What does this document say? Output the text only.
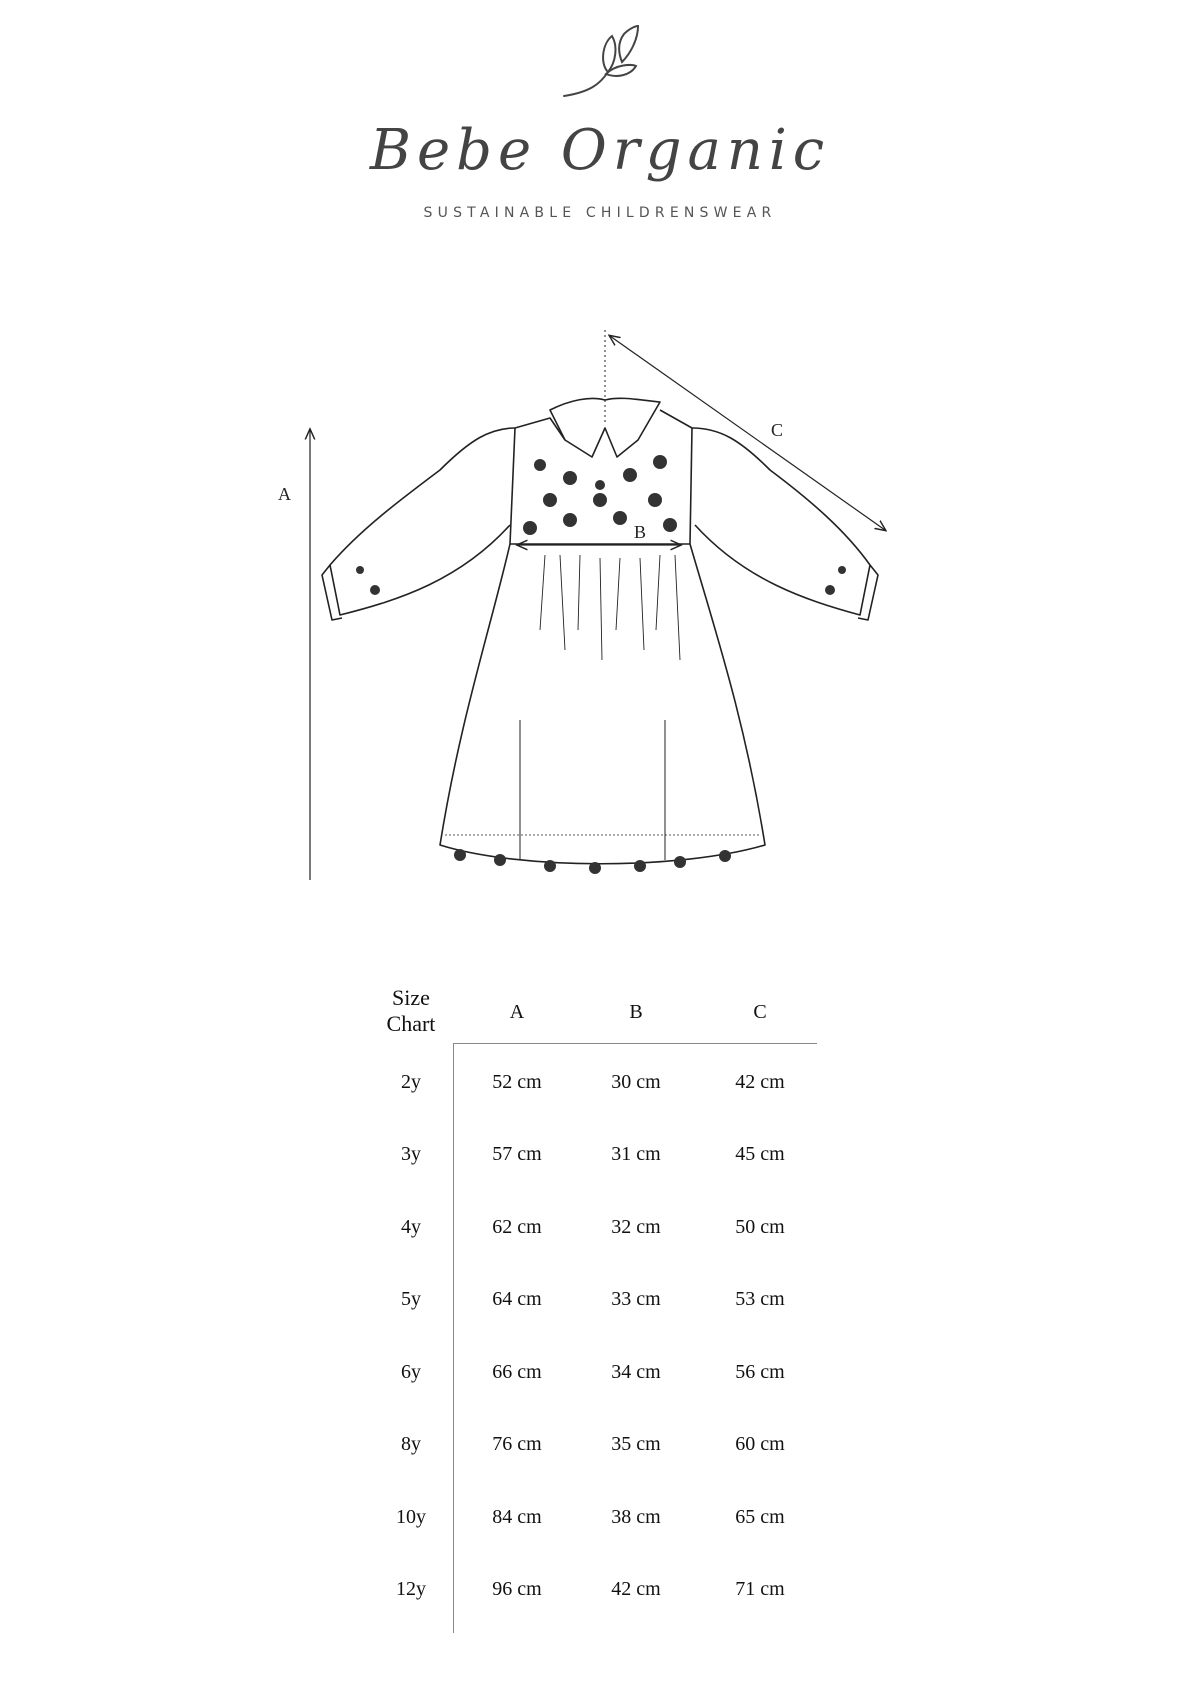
Bebe Organic
SUSTAINABLE CHILDRENSWEAR
A
B
C
Size
Chart	A	B	C
2y	52 cm	30 cm	42 cm
3y	57 cm	31 cm	45 cm
4y	62 cm	32 cm	50 cm
5y	64 cm	33 cm	53 cm
6y	66 cm	34 cm	56 cm
8y	76 cm	35 cm	60 cm
10y	84 cm	38 cm	65 cm
12y	96 cm	42 cm	71 cm
